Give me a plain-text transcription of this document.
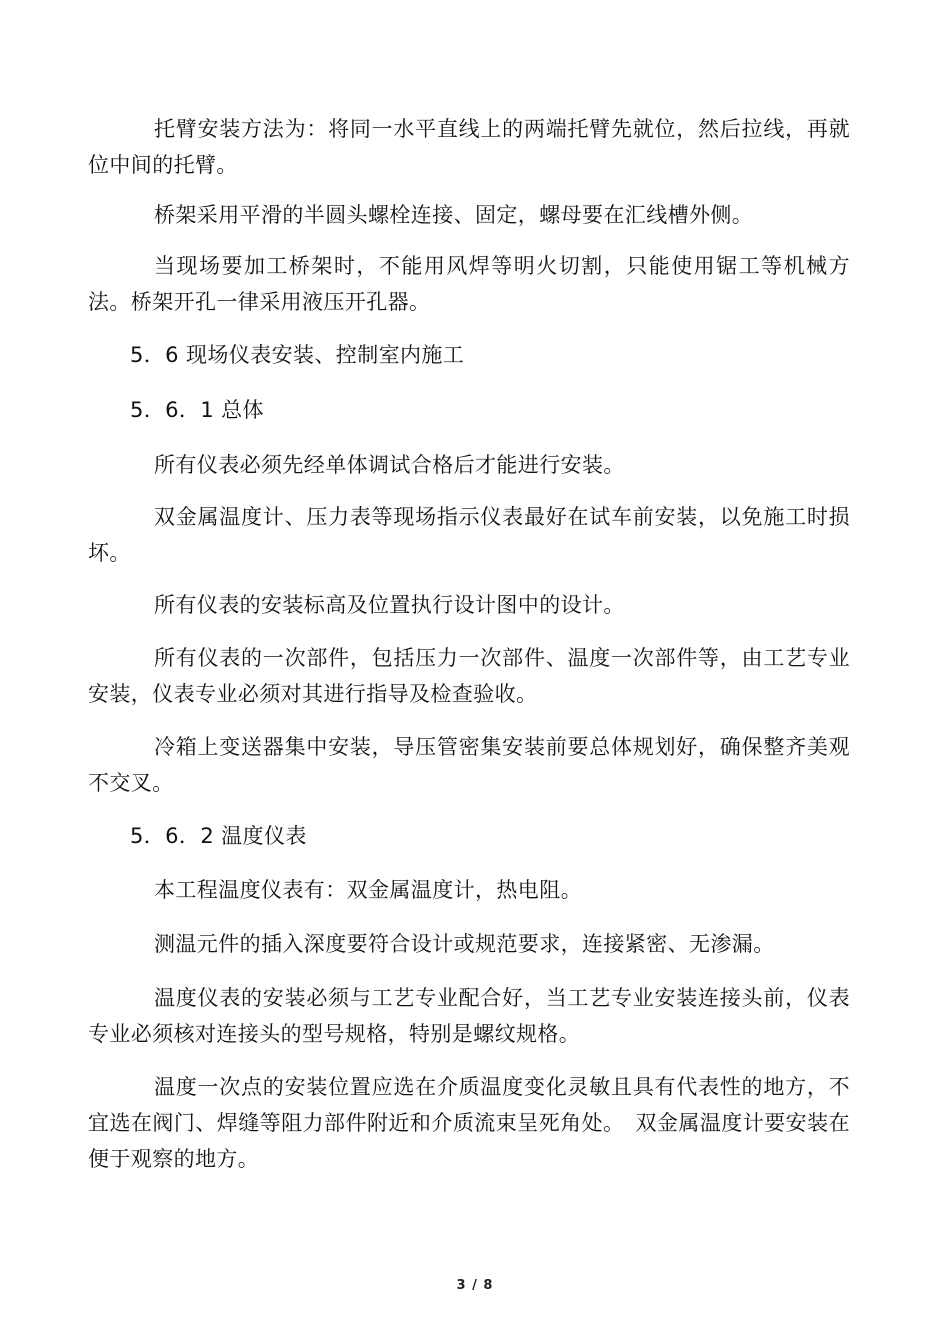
托臂安装方法为：将同一水平直线上的两端托臂先就位，然后拉线，再就位中间的托臂。

桥架采用平滑的半圆头螺栓连接、固定，螺母要在汇线槽外侧。

当现场要加工桥架时，不能用风焊等明火切割，只能使用锯工等机械方法。桥架开孔一律采用液压开孔器。

5．6 现场仪表安装、控制室内施工

5．6．1 总体

所有仪表必须先经单体调试合格后才能进行安装。

双金属温度计、压力表等现场指示仪表最好在试车前安装，以免施工时损坏。

所有仪表的安装标高及位置执行设计图中的设计。

所有仪表的一次部件，包括压力一次部件、温度一次部件等，由工艺专业安装，仪表专业必须对其进行指导及检查验收。

冷箱上变送器集中安装，导压管密集安装前要总体规划好，确保整齐美观不交叉。

5．6．2 温度仪表

本工程温度仪表有：双金属温度计，热电阻。

测温元件的插入深度要符合设计或规范要求，连接紧密、无渗漏。

温度仪表的安装必须与工艺专业配合好，当工艺专业安装连接头前，仪表专业必须核对连接头的型号规格，特别是螺纹规格。

温度一次点的安装位置应选在介质温度变化灵敏且具有代表性的地方，不宜选在阀门、焊缝等阻力部件附近和介质流束呈死角处。　双金属温度计要安装在便于观察的地方。

3 / 8
